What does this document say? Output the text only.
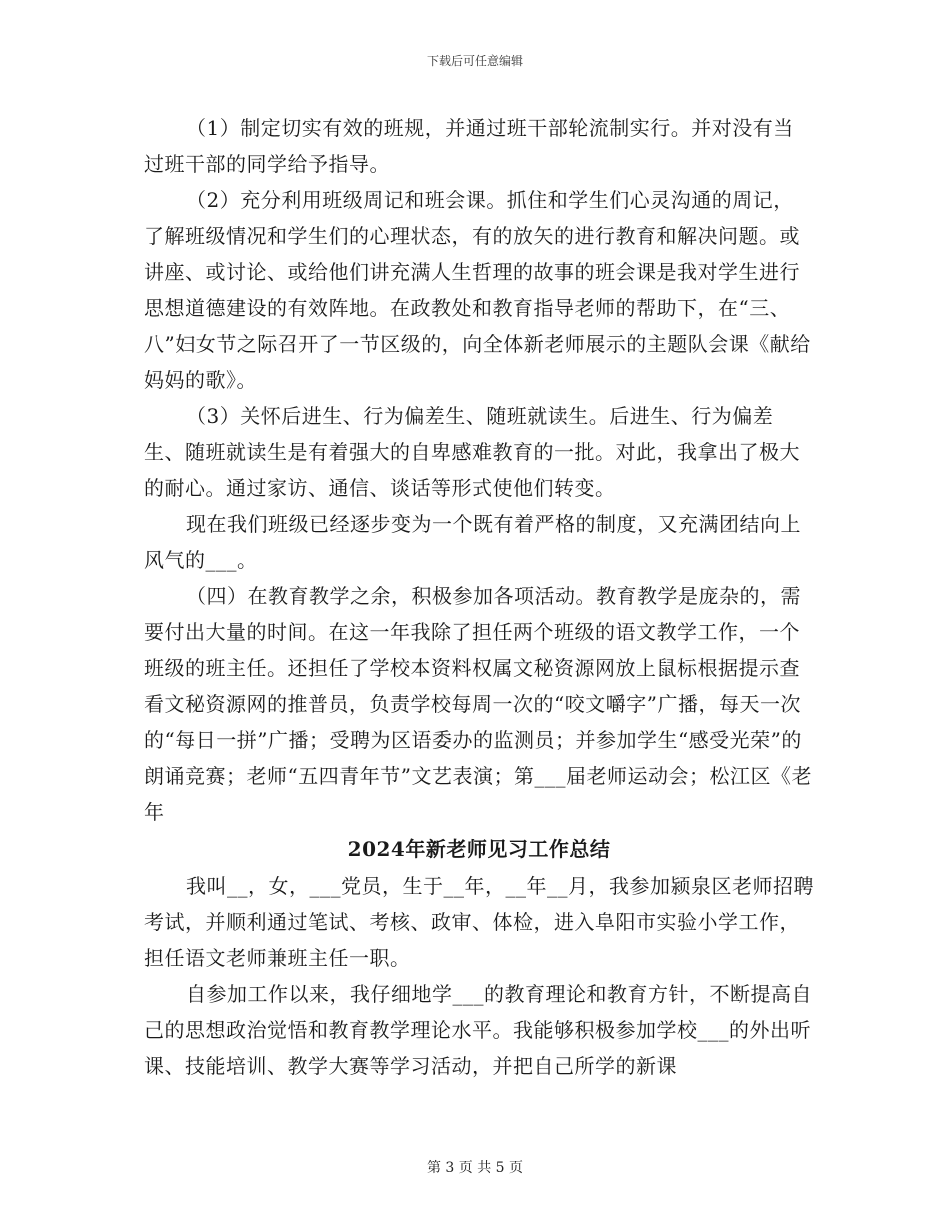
下载后可任意编辑

（1）制定切实有效的班规，并通过班干部轮流制实行。并对没有当过班干部的同学给予指导。

（2）充分利用班级周记和班会课。抓住和学生们心灵沟通的周记，了解班级情况和学生们的心理状态，有的放矢的进行教育和解决问题。或讲座、或讨论、或给他们讲充满人生哲理的故事的班会课是我对学生进行思想道德建设的有效阵地。在政教处和教育指导老师的帮助下，在“三、八”妇女节之际召开了一节区级的，向全体新老师展示的主题队会课《献给妈妈的歌》。

（3）关怀后进生、行为偏差生、随班就读生。后进生、行为偏差生、随班就读生是有着强大的自卑感难教育的一批。对此，我拿出了极大的耐心。通过家访、通信、谈话等形式使他们转变。

现在我们班级已经逐步变为一个既有着严格的制度，又充满团结向上风气的___。

（四）在教育教学之余，积极参加各项活动。教育教学是庞杂的，需要付出大量的时间。在这一年我除了担任两个班级的语文教学工作，一个班级的班主任。还担任了学校本资料权属文秘资源网放上鼠标根据提示查看文秘资源网的推普员，负责学校每周一次的“咬文嚼字”广播，每天一次的“每日一拼”广播；受聘为区语委办的监测员；并参加学生“感受光荣”的朗诵竞赛；老师“五四青年节”文艺表演；第___届老师运动会；松江区《老年

2024年新老师见习工作总结

我叫__，女，___党员，生于__年，__年__月，我参加颍泉区老师招聘考试，并顺利通过笔试、考核、政审、体检，进入阜阳市实验小学工作，担任语文老师兼班主任一职。

自参加工作以来，我仔细地学___的教育理论和教育方针，不断提高自己的思想政治觉悟和教育教学理论水平。我能够积极参加学校___的外出听课、技能培训、教学大赛等学习活动，并把自己所学的新课

第 3 页 共 5 页
